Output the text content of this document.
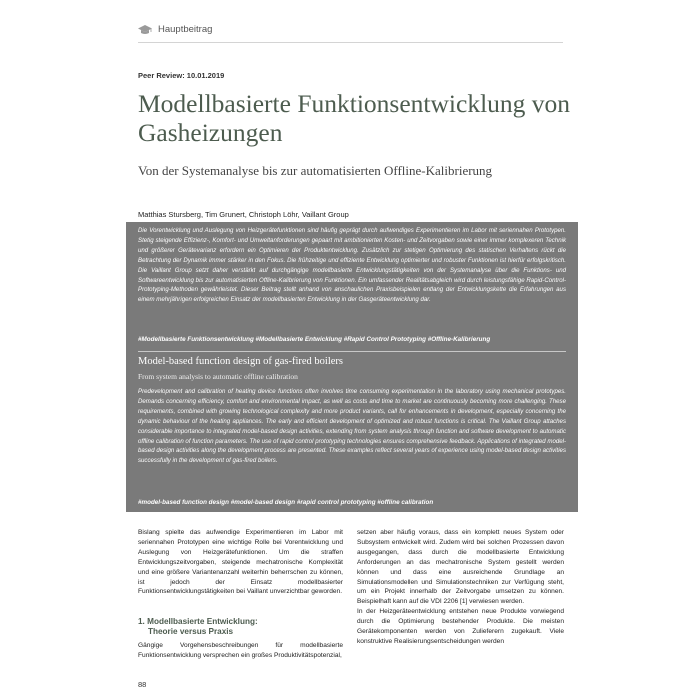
Hauptbeitrag
Peer Review: 10.01.2019
Modellbasierte Funktionsentwicklung von Gasheizungen
Von der Systemanalyse bis zur automatisierten Offline-Kalibrierung
Matthias Stursberg, Tim Grunert, Christoph Löhr, Vaillant Group
Die Vorentwicklung und Auslegung von Heizgerätefunktionen sind häufig geprägt durch aufwendiges Experimentieren im Labor mit seriennahen Prototypen. Stetig steigende Effizienz-, Komfort- und Umweltanforderungen gepaart mit ambitionierten Kosten- und Zeitvorgaben sowie einer immer komplexeren Technik und größerer Gerätevarianz erfordern ein Optimieren der Produktentwicklung. Zusätzlich zur stetigen Optimierung des statischen Verhaltens rückt die Betrachtung der Dynamik immer stärker in den Fokus. Die frühzeitige und effiziente Entwicklung optimierter und robuster Funktionen ist hierfür erfolgskritisch. Die Vaillant Group setzt daher verstärkt auf durchgängige modellbasierte Entwicklungstätigkeiten von der Systemanalyse über die Funktions- und Softwareentwicklung bis zur automatisierten Offline-Kalibrierung von Funktionen. Ein umfassender Realitätsabgleich wird durch leistungsfähige Rapid-Control-Prototyping-Methoden gewährleistet. Dieser Beitrag stellt anhand von anschaulichen Praxisbeispielen entlang der Entwicklungskette die Erfahrungen aus einem mehrjährigen erfolgreichen Einsatz der modellbasierten Entwicklung in der Gasgeräteentwicklung dar.
#Modellbasierte Funktionsentwicklung #Modellbasierte Entwicklung #Rapid Control Prototyping #Offline-Kalibrierung
Model-based function design of gas-fired boilers
From system analysis to automatic offline calibration
Predevelopment and calibration of heating device functions often involves time consuming experimentation in the laboratory using mechanical prototypes. Demands concerning efficiency, comfort and environmental impact, as well as costs and time to market are continuously becoming more challenging. These requirements, combined with growing technological complexity and more product variants, call for enhancements in development, especially concerning the dynamic behaviour of the heating appliances. The early and efficient development of optimized and robust functions is critical. The Vaillant Group attaches considerable importance to integrated model-based design activities, extending from system analysis through function and software development to automatic offline calibration of function parameters. The use of rapid control prototyping technologies ensures comprehensive feedback. Applications of integrated model-based design activities along the development process are presented. These examples reflect several years of experience using model-based design activities successfully in the development of gas-fired boilers.
#model-based function design #model-based design #rapid control prototyping #offline calibration

Bislang spielte das aufwendige Experimentieren im Labor mit seriennahen Prototypen eine wichtige Rolle bei Vorentwicklung und Auslegung von Heizgerätefunktionen. Um die straffen Entwicklungszeitvorgaben, steigende mechatronische Komplexität und eine größere Variantenanzahl weiterhin beherrschen zu können, ist jedoch der Einsatz modellbasierter Funktionsentwicklungstätigkeiten bei Vaillant unverzichtbar geworden.

1. Modellbasierte Entwicklung:
Theorie versus Praxis

Gängige Vorgehensbeschreibungen für modellbasierte Funktionsentwicklung versprechen ein großes Produktivitätspotenzial,

setzen aber häufig voraus, dass ein komplett neues System oder Subsystem entwickelt wird. Zudem wird bei solchen Prozessen davon ausgegangen, dass durch die modellbasierte Entwicklung Anforderungen an das mechatronische System gestellt werden können und dass eine ausreichende Grundlage an Simulationsmodellen und Simulationstechniken zur Verfügung steht, um ein Projekt innerhalb der Zeitvorgabe umsetzen zu können. Beispielhaft kann auf die VDI 2206 [1] verwiesen werden.

In der Heizgeräteentwicklung entstehen neue Produkte vorwiegend durch die Optimierung bestehender Produkte. Die meisten Gerätekomponenten werden von Zulieferern zugekauft. Viele konstruktive Realisierungsentscheidungen werden

88
